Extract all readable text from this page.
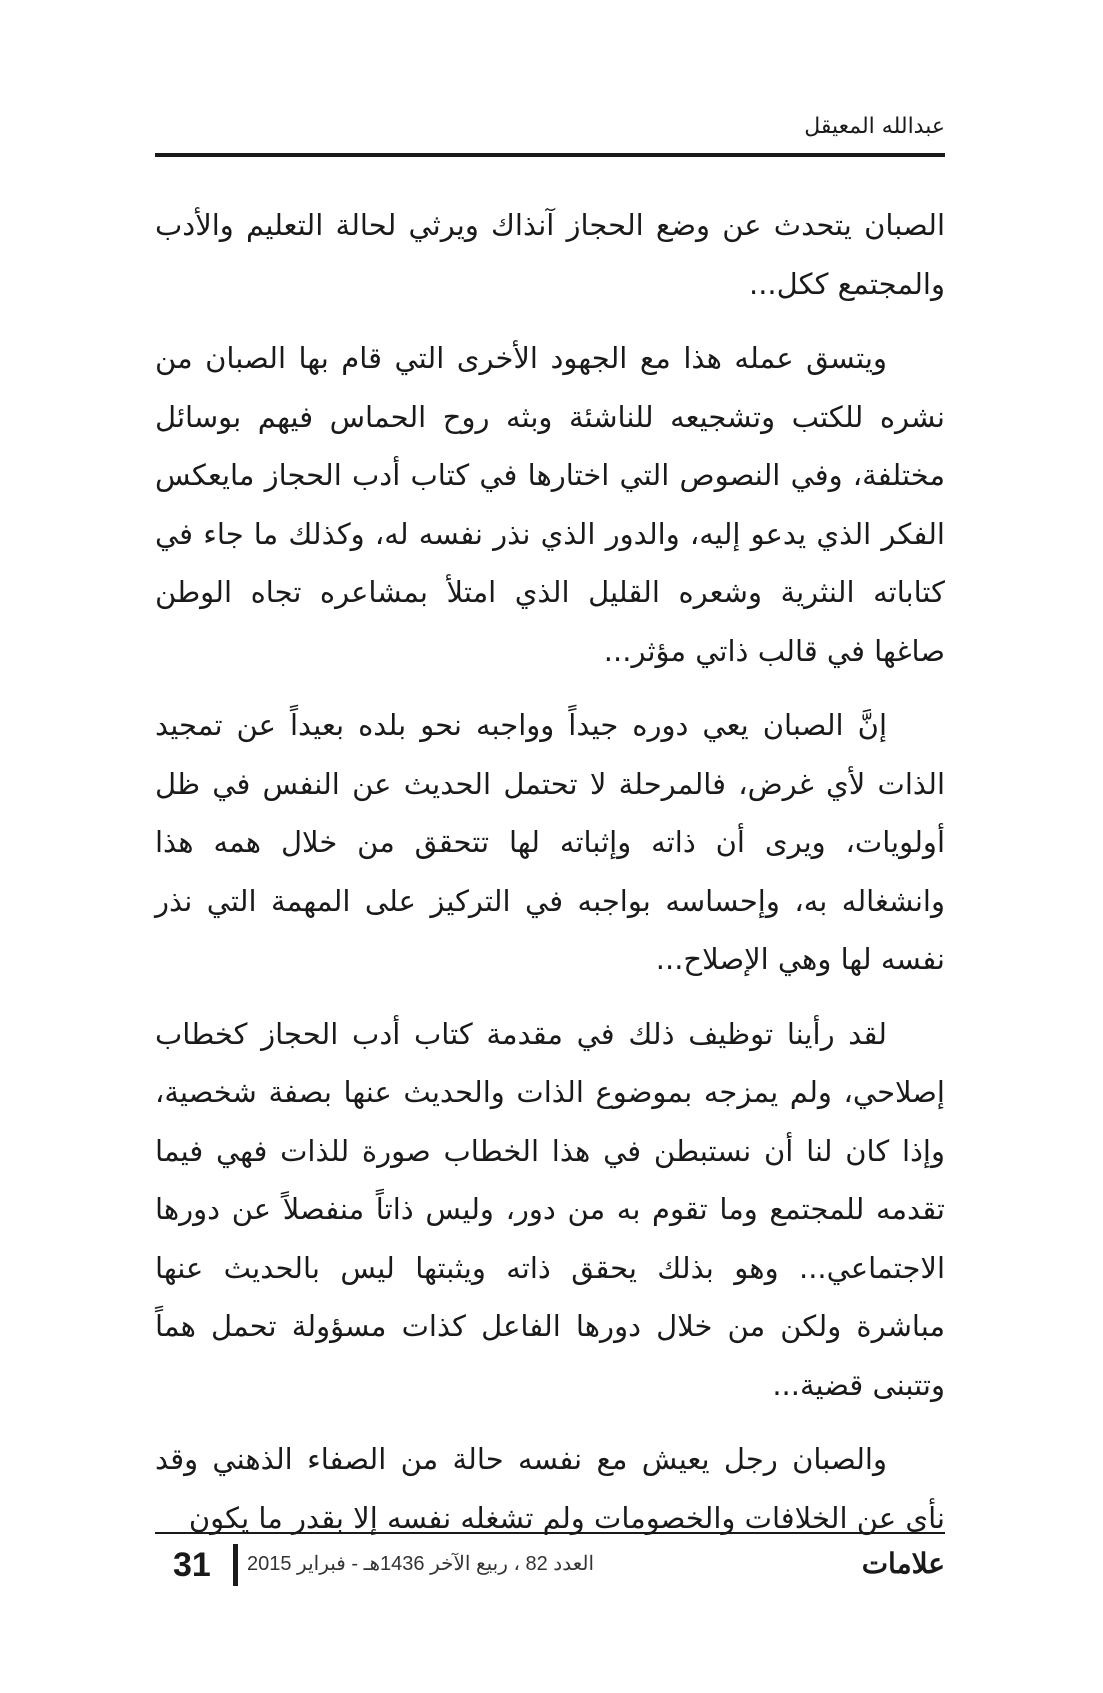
عبدالله المعيقل

الصبان يتحدث عن وضع الحجاز آنذاك ويرثي لحالة التعليم والأدب والمجتمع ككل...

ويتسق عمله هذا مع الجهود الأخرى التي قام بها الصبان من نشره للكتب وتشجيعه للناشئة وبثه روح الحماس فيهم بوسائل مختلفة، وفي النصوص التي اختارها في كتاب أدب الحجاز مايعكس الفكر الذي يدعو إليه، والدور الذي نذر نفسه له، وكذلك ما جاء في كتاباته النثرية وشعره القليل الذي امتلأ بمشاعره تجاه الوطن صاغها في قالب ذاتي مؤثر...

إنَّ الصبان يعي دوره جيداً وواجبه نحو بلده بعيداً عن تمجيد الذات لأي غرض، فالمرحلة لا تحتمل الحديث عن النفس في ظل أولويات، ويرى أن ذاته وإثباته لها تتحقق من خلال همه هذا وانشغاله به، وإحساسه بواجبه في التركيز على المهمة التي نذر نفسه لها وهي الإصلاح...

لقد رأينا توظيف ذلك في مقدمة كتاب أدب الحجاز كخطاب إصلاحي، ولم يمزجه بموضوع الذات والحديث عنها بصفة شخصية، وإذا كان لنا أن نستبطن في هذا الخطاب صورة للذات فهي فيما تقدمه للمجتمع وما تقوم به من دور، وليس ذاتاً منفصلاً عن دورها الاجتماعي... وهو بذلك يحقق ذاته ويثبتها ليس بالحديث عنها مباشرة ولكن من خلال دورها الفاعل كذات مسؤولة تحمل هماً وتتبنى قضية...

والصبان رجل يعيش مع نفسه حالة من الصفاء الذهني وقد نأى عن الخلافات والخصومات ولم تشغله نفسه إلا بقدر ما يكون

31 العدد 82 ، ربيع الآخر 1436هـ - فبراير 2015	علامات
